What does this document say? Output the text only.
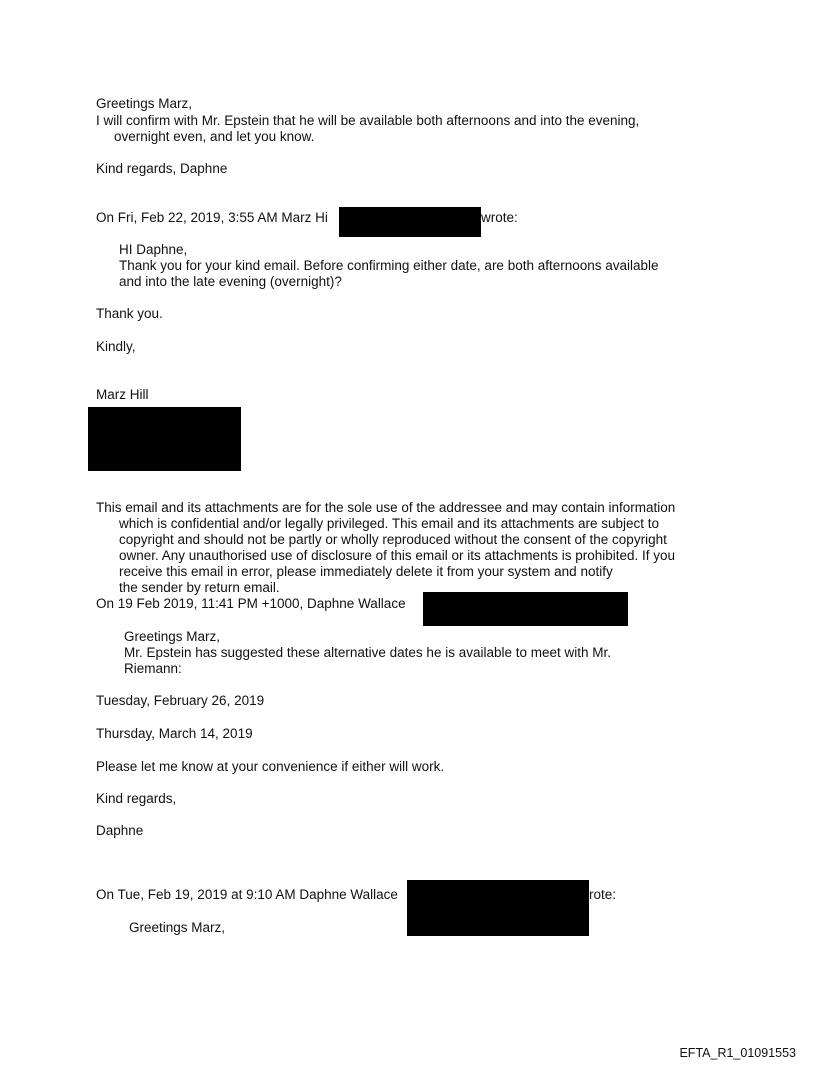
Greetings Marz,
I will confirm with Mr. Epstein that he will be available both afternoons and into the evening,
overnight even, and let you know.
Kind regards, Daphne
On Fri, Feb 22, 2019, 3:55 AM Marz Hi	wrote:
HI Daphne,
Thank you for your kind email. Before confirming either date, are both afternoons available
and into the late evening (overnight)?
Thank you.
Kindly,
Marz Hill
This email and its attachments are for the sole use of the addressee and may contain information
which is confidential and/or legally privileged. This email and its attachments are subject to
copyright and should not be partly or wholly reproduced without the consent of the copyright
owner. Any unauthorised use of disclosure of this email or its attachments is prohibited. If you
receive this email in error, please immediately delete it from your system and notify
the sender by return email.
On 19 Feb 2019, 11:41 PM +1000, Daphne Wallace
Greetings Marz,
Mr. Epstein has suggested these alternative dates he is available to meet with Mr.
Riemann:
Tuesday, February 26, 2019
Thursday, March 14, 2019
Please let me know at your convenience if either will work.
Kind regards,
Daphne
On Tue, Feb 19, 2019 at 9:10 AM Daphne Wallace	rote:
Greetings Marz,
EFTA_R1_01091553
